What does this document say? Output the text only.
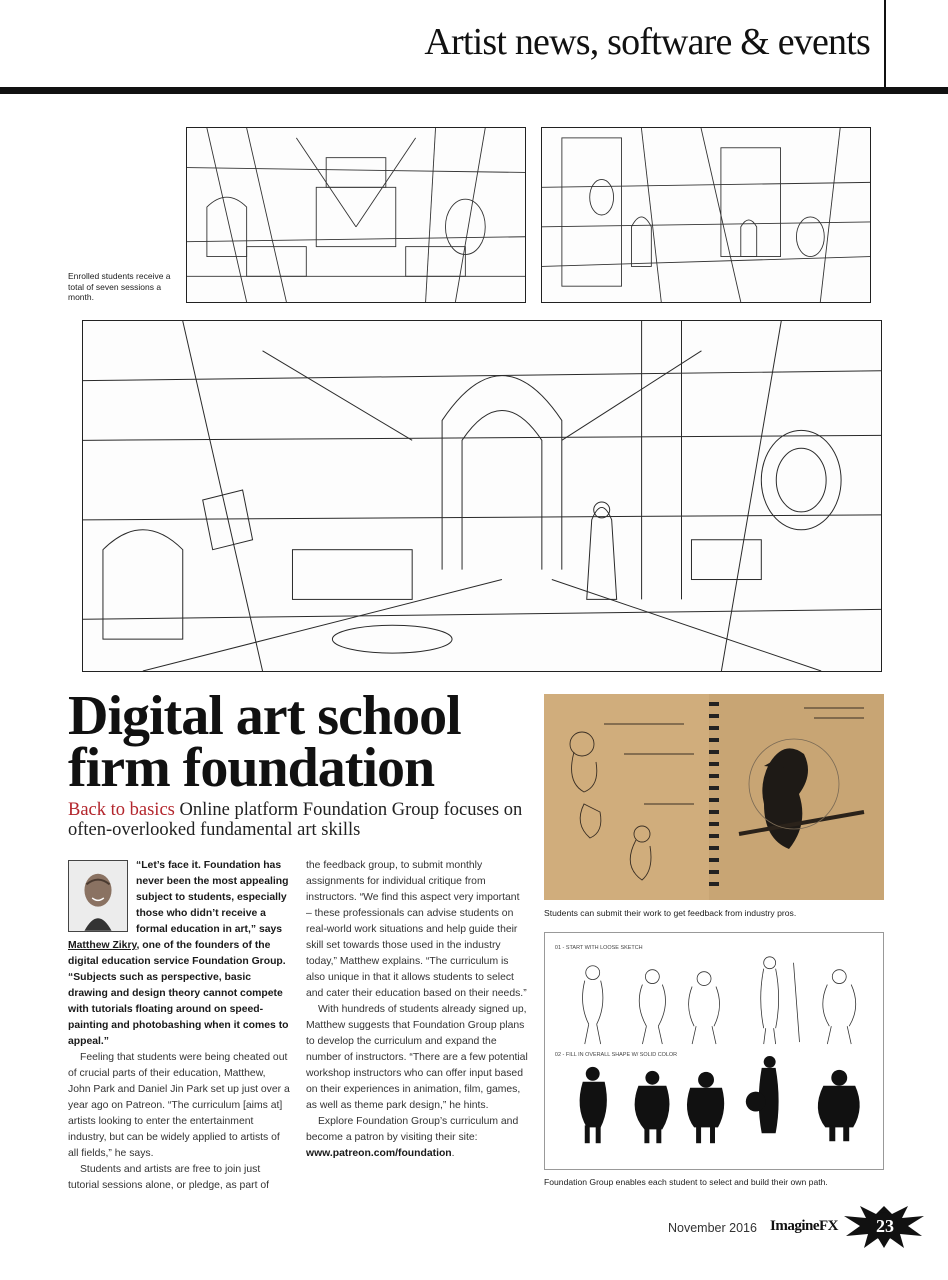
Artist news, software & events
Enrolled students receive a total of seven sessions a month.
Digital art school firm foundation
Back to basics Online platform Foundation Group focuses on often-overlooked fundamental art skills

“Let’s face it. Foundation has never been the most appealing subject to students, especially those who didn’t receive a formal education in art,” says Matthew Zikry, one of the founders of the digital education service Foundation Group. “Subjects such as perspective, basic drawing and design theory cannot compete with tutorials floating around on speed-painting and photobashing when it comes to appeal.”

Feeling that students were being cheated out of crucial parts of their education, Matthew, John Park and Daniel Jin Park set up just over a year ago on Patreon. “The curriculum [aims at] artists looking to enter the entertainment industry, but can be widely applied to artists of all fields,” he says.

Students and artists are free to join just tutorial sessions alone, or pledge, as part of

the feedback group, to submit monthly assignments for individual critique from instructors. “We find this aspect very important – these professionals can advise students on real-world work situations and help guide their skill set towards those used in the industry today,” Matthew explains. “The curriculum is also unique in that it allows students to select and cater their education based on their needs.”

With hundreds of students already signed up, Matthew suggests that Foundation Group plans to develop the curriculum and expand the number of instructors. “There are a few potential workshop instructors who can offer input based on their experiences in animation, film, games, as well as theme park design,” he hints.

Explore Foundation Group’s curriculum and become a patron by visiting their site: www.patreon.com/foundation.

Students can submit their work to get feedback from industry pros.
01 - START WITH LOOSE SKETCH
02 - FILL IN OVERALL SHAPE W/ SOLID COLOR
Foundation Group enables each student to select and build their own path.
November 2016 ImagineFX	23
